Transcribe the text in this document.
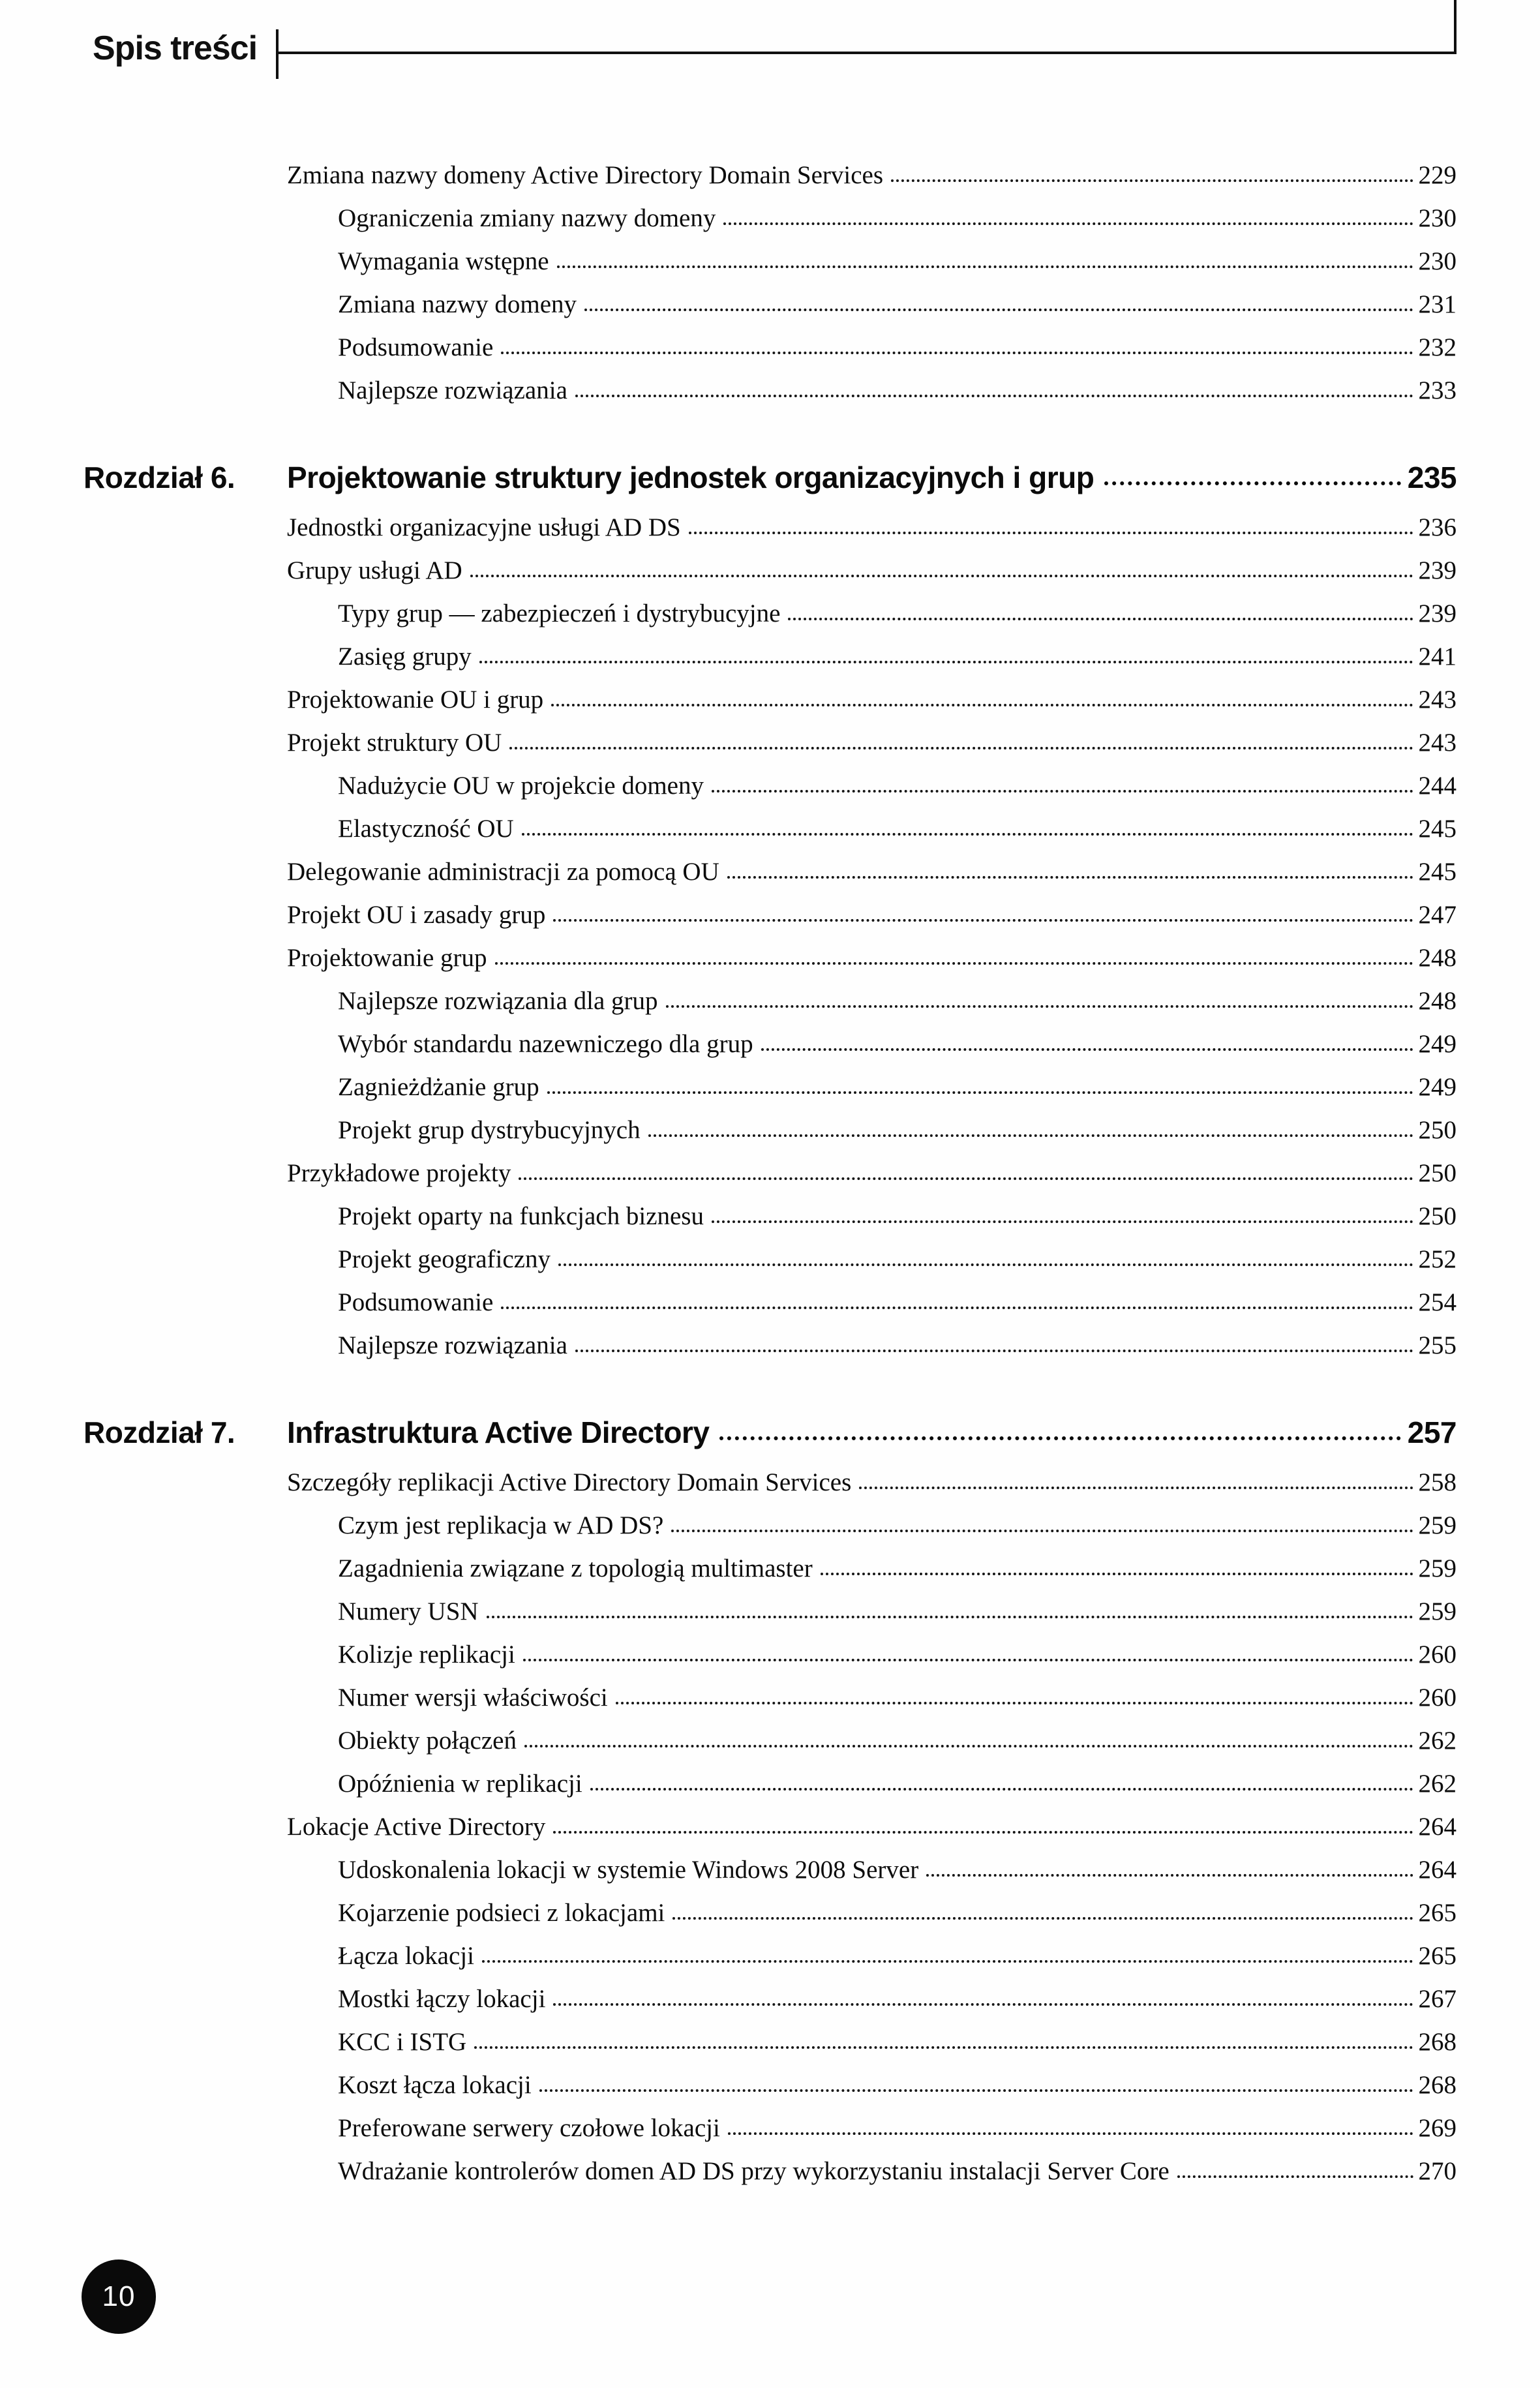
Spis treści
Zmiana nazwy domeny Active Directory Domain Services	229
Ograniczenia zmiany nazwy domeny	230
Wymagania wstępne	230
Zmiana nazwy domeny	231
Podsumowanie	232
Najlepsze rozwiązania	233
Rozdział 6. Projektowanie struktury jednostek organizacyjnych i grup	235
Jednostki organizacyjne usługi AD DS	236
Grupy usługi AD	239
Typy grup — zabezpieczeń i dystrybucyjne	239
Zasięg grupy	241
Projektowanie OU i grup	243
Projekt struktury OU	243
Nadużycie OU w projekcie domeny	244
Elastyczność OU	245
Delegowanie administracji za pomocą OU	245
Projekt OU i zasady grup	247
Projektowanie grup	248
Najlepsze rozwiązania dla grup	248
Wybór standardu nazewniczego dla grup	249
Zagnieżdżanie grup	249
Projekt grup dystrybucyjnych	250
Przykładowe projekty	250
Projekt oparty na funkcjach biznesu	250
Projekt geograficzny	252
Podsumowanie	254
Najlepsze rozwiązania	255
Rozdział 7. Infrastruktura Active Directory	257
Szczegóły replikacji Active Directory Domain Services	258
Czym jest replikacja w AD DS?	259
Zagadnienia związane z topologią multimaster	259
Numery USN	259
Kolizje replikacji	260
Numer wersji właściwości	260
Obiekty połączeń	262
Opóźnienia w replikacji	262
Lokacje Active Directory	264
Udoskonalenia lokacji w systemie Windows 2008 Server	264
Kojarzenie podsieci z lokacjami	265
Łącza lokacji	265
Mostki łączy lokacji	267
KCC i ISTG	268
Koszt łącza lokacji	268
Preferowane serwery czołowe lokacji	269
Wdrażanie kontrolerów domen AD DS przy wykorzystaniu instalacji Server Core	270
10
